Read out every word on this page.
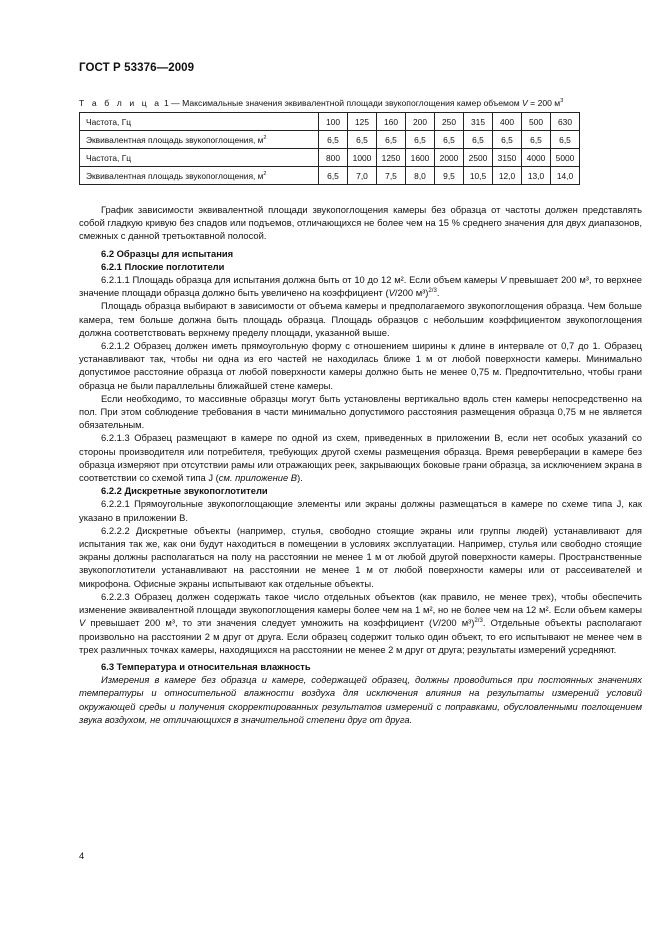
ГОСТ Р 53376—2009
Т а б л и ц а 1 — Максимальные значения эквивалентной площади звукопоглощения камер объемом V = 200 $м^3$
Частота, Гц	100	125	160	200	250	315	400	500	630
Эквивалентная площадь звукопоглощения, $м^2$	6,5	6,5	6,5	6,5	6,5	6,5	6,5	6,5	6,5
Частота, Гц	800	1000	1250	1600	2000	2500	3150	4000	5000
Эквивалентная площадь звукопоглощения, $м^2$	6,5	7,0	7,5	8,0	9,5	10,5	12,0	13,0	14,0

График зависимости эквивалентной площади звукопоглощения камеры без образца от частоты должен представлять собой гладкую кривую без спадов или подъемов, отличающихся не более чем на 15 % среднего значения для двух диапазонов, смежных с данной третьоктавной полосой.

6.2 Образцы для испытания
6.2.1 Плоские поглотители

6.2.1.1 Площадь образца для испытания должна быть от 10 до 12 м². Если объем камеры V превышает 200 м³, то верхнее значение площади образца должно быть увеличено на коэффициент (V/200 м³)$^{2/3}$.

Площадь образца выбирают в зависимости от объема камеры и предполагаемого звукопоглощения образца. Чем больше камера, тем больше должна быть площадь образца. Площадь образцов с небольшим коэффициентом звукопоглощения должна соответствовать верхнему пределу площади, указанной выше.

6.2.1.2 Образец должен иметь прямоугольную форму с отношением ширины к длине в интервале от 0,7 до 1. Образец устанавливают так, чтобы ни одна из его частей не находилась ближе 1 м от любой поверхности камеры. Минимально допустимое расстояние образца от любой поверхности камеры должно быть не менее 0,75 м. Предпочтительно, чтобы грани образца не были параллельны ближайшей стене камеры.

Если необходимо, то массивные образцы могут быть установлены вертикально вдоль стен камеры непосредственно на пол. При этом соблюдение требования в части минимально допустимого расстояния размещения образца 0,75 м не является обязательным.

6.2.1.3 Образец размещают в камере по одной из схем, приведенных в приложении В, если нет особых указаний со стороны производителя или потребителя, требующих другой схемы размещения образца. Время реверберации в камере без образца измеряют при отсутствии рамы или отражающих реек, закрывающих боковые грани образца, за исключением экрана в соответствии со схемой типа J (см. приложение В).

6.2.2 Дискретные звукопоглотители

6.2.2.1 Прямоугольные звукопоглощающие элементы или экраны должны размещаться в камере по схеме типа J, как указано в приложении В.

6.2.2.2 Дискретные объекты (например, стулья, свободно стоящие экраны или группы людей) устанавливают для испытания так же, как они будут находиться в помещении в условиях эксплуатации. Например, стулья или свободно стоящие экраны должны располагаться на полу на расстоянии не менее 1 м от любой другой поверхности камеры. Пространственные звукопоглотители устанавливают на расстоянии не менее 1 м от любой поверхности камеры или от рассеивателей и микрофона. Офисные экраны испытывают как отдельные объекты.

6.2.2.3 Образец должен содержать такое число отдельных объектов (как правило, не менее трех), чтобы обеспечить изменение эквивалентной площади звукопоглощения камеры более чем на 1 м², но не более чем на 12 м². Если объем камеры V превышает 200 м³, то эти значения следует умножить на коэффициент (V/200 м³)$^{2/3}$. Отдельные объекты располагают произвольно на расстоянии 2 м друг от друга. Если образец содержит только один объект, то его испытывают не менее чем в трех различных точках камеры, находящихся на расстоянии не менее 2 м друг от друга; результаты измерений усредняют.

6.3 Температура и относительная влажность

Измерения в камере без образца и камере, содержащей образец, должны проводиться при постоянных значениях температуры и относительной влажности воздуха для исключения влияния на результаты измерений условий окружающей среды и получения скорректированных результатов измерений с поправками, обусловленными поглощением звука воздухом, не отличающихся в значительной степени друг от друга.

4
